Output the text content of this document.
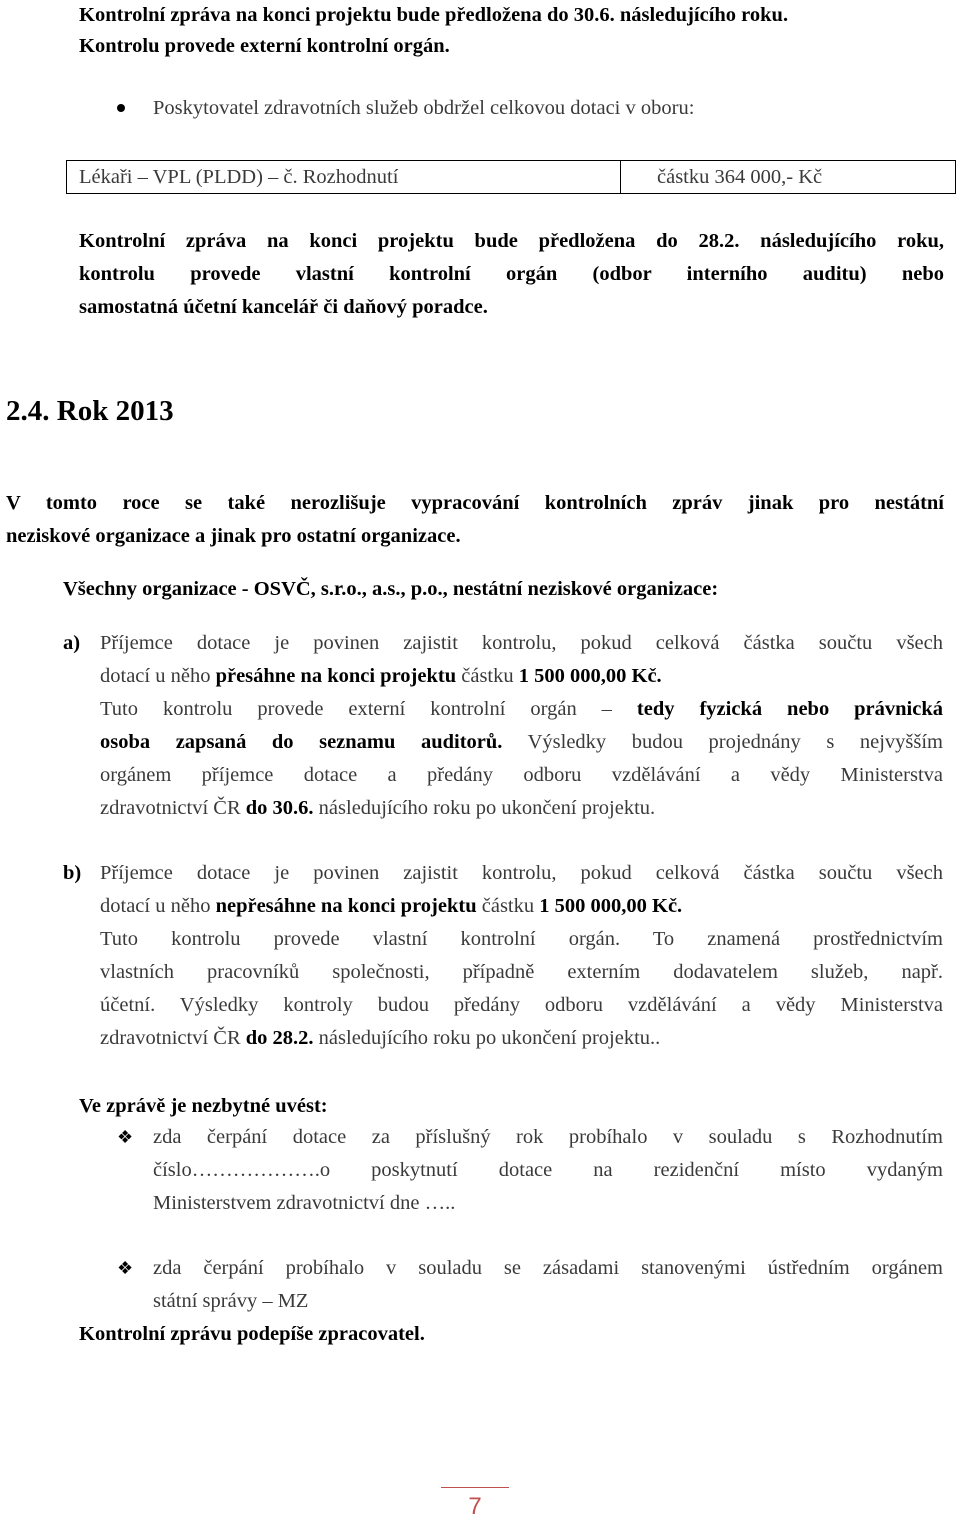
Kontrolní zpráva na konci projektu bude předložena do 30.6. následujícího roku.
Kontrolu provede externí kontrolní orgán.
Poskytovatel zdravotních služeb obdržel celkovou dotaci v oboru:
Lékaři – VPL (PLDD) – č. Rozhodnutí	částku 364 000,- Kč
Kontrolní zpráva na konci projektu bude předložena do 28.2. následujícího roku,
kontrolu provede vlastní kontrolní orgán (odbor interního auditu) nebo
samostatná účetní kancelář či daňový poradce.
2.4. Rok 2013
V tomto roce se také nerozlišuje vypracování kontrolních zpráv jinak pro nestátní
neziskové organizace a jinak pro ostatní organizace.
Všechny organizace - OSVČ, s.r.o., a.s., p.o., nestátní neziskové organizace:
a) Příjemce dotace je povinen zajistit kontrolu, pokud celková částka součtu všech
dotací u něho přesáhne na konci projektu částku 1 500 000,00 Kč.
Tuto kontrolu provede externí kontrolní orgán – tedy fyzická nebo právnická
osoba zapsaná do seznamu auditorů. Výsledky budou projednány s nejvyšším
orgánem příjemce dotace a předány odboru vzdělávání a vědy Ministerstva
zdravotnictví ČR do 30.6. následujícího roku po ukončení projektu.
b) Příjemce dotace je povinen zajistit kontrolu, pokud celková částka součtu všech
dotací u něho nepřesáhne na konci projektu částku 1 500 000,00 Kč.
Tuto kontrolu provede vlastní kontrolní orgán. To znamená prostřednictvím
vlastních pracovníků společnosti, případně externím dodavatelem služeb, např.
účetní. Výsledky kontroly budou předány odboru vzdělávání a vědy Ministerstva
zdravotnictví ČR do 28.2. následujícího roku po ukončení projektu..
Ve zprávě je nezbytné uvést:
❖ zda čerpání dotace za příslušný rok probíhalo v souladu s Rozhodnutím
číslo……………….o poskytnutí dotace na rezidenční místo vydaným
Ministerstvem zdravotnictví dne …..
❖ zda čerpání probíhalo v souladu se zásadami stanovenými ústředním orgánem
státní správy – MZ
Kontrolní zprávu podepíše zpracovatel.
7
